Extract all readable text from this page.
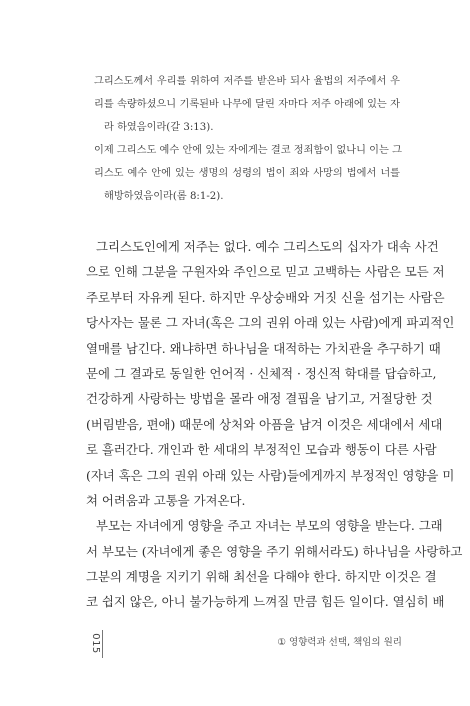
그리스도께서 우리를 위하여 저주를 받은바 되사 율법의 저주에서 우
리를 속량하셨으니 기록된바 나무에 달린 자마다 저주 아래에 있는 자
라 하였음이라(갈 3:13).
이제 그리스도 예수 안에 있는 자에게는 결코 정죄함이 없나니 이는 그
리스도 예수 안에 있는 생명의 성령의 법이 죄와 사망의 법에서 너를
해방하였음이라(롬 8:1-2).
그리스도인에게 저주는 없다. 예수 그리스도의 십자가 대속 사건
으로 인해 그분을 구원자와 주인으로 믿고 고백하는 사람은 모든 저
주로부터 자유케 된다. 하지만 우상숭배와 거짓 신을 섬기는 사람은
당사자는 물론 그 자녀(혹은 그의 권위 아래 있는 사람)에게 파괴적인
열매를 남긴다. 왜냐하면 하나님을 대적하는 가치관을 추구하기 때
문에 그 결과로 동일한 언어적 · 신체적 · 정신적 학대를 답습하고,
건강하게 사랑하는 방법을 몰라 애정 결핍을 남기고, 거절당한 것
(버림받음, 편애) 때문에 상처와 아픔을 남겨 이것은 세대에서 세대
로 흘러간다. 개인과 한 세대의 부정적인 모습과 행동이 다른 사람
(자녀 혹은 그의 권위 아래 있는 사람)들에게까지 부정적인 영향을 미
쳐 어려움과 고통을 가져온다.
부모는 자녀에게 영향을 주고 자녀는 부모의 영향을 받는다. 그래
서 부모는 (자녀에게 좋은 영향을 주기 위해서라도) 하나님을 사랑하고
그분의 계명을 지키기 위해 최선을 다해야 한다. 하지만 이것은 결
코 쉽지 않은, 아니 불가능하게 느껴질 만큼 힘든 일이다. 열심히 배
015	① 영향력과 선택, 책임의 원리
